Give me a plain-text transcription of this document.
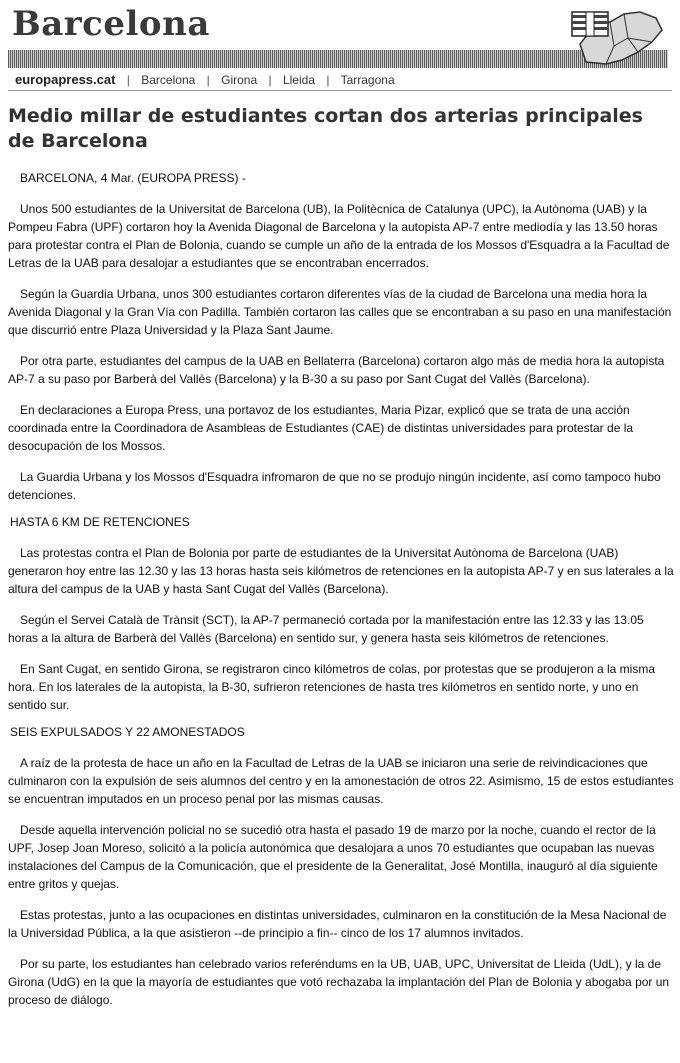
Barcelona
europapress.cat | Barcelona | Girona | Lleida | Tarragona
Medio millar de estudiantes cortan dos arterias principales de Barcelona

BARCELONA, 4 Mar. (EUROPA PRESS) -

Unos 500 estudiantes de la Universitat de Barcelona (UB), la Politècnica de Catalunya (UPC), la Autònoma (UAB) y la Pompeu Fabra (UPF) cortaron hoy la Avenida Diagonal de Barcelona y la autopista AP-7 entre mediodía y las 13.50 horas para protestar contra el Plan de Bolonia, cuando se cumple un año de la entrada de los Mossos d'Esquadra a la Facultad de Letras de la UAB para desalojar a estudiantes que se encontraban encerrados.

Según la Guardia Urbana, unos 300 estudiantes cortaron diferentes vías de la ciudad de Barcelona una media hora la Avenida Diagonal y la Gran Vía con Padilla. También cortaron las calles que se encontraban a su paso en una manifestación que discurrió entre Plaza Universidad y la Plaza Sant Jaume.

Por otra parte, estudiantes del campus de la UAB en Bellaterra (Barcelona) cortaron algo más de media hora la autopista AP-7 a su paso por Barberà del Vallès (Barcelona) y la B-30 a su paso por Sant Cugat del Vallès (Barcelona).

En declaraciones a Europa Press, una portavoz de los estudiantes, Maria Pizar, explicó que se trata de una acción coordinada entre la Coordinadora de Asambleas de Estudiantes (CAE) de distintas universidades para protestar de la desocupación de los Mossos.

La Guardia Urbana y los Mossos d'Esquadra infromaron de que no se produjo ningún incidente, así como tampoco hubo detenciones.

HASTA 6 KM DE RETENCIONES

Las protestas contra el Plan de Bolonia por parte de estudiantes de la Universitat Autònoma de Barcelona (UAB) generaron hoy entre las 12.30 y las 13 horas hasta seis kilómetros de retenciones en la autopista AP-7 y en sus laterales a la altura del campus de la UAB y hasta Sant Cugat del Vallès (Barcelona).

Según el Servei Català de Trànsit (SCT), la AP-7 permaneció cortada por la manifestación entre las 12.33 y las 13.05 horas a la altura de Barberà del Vallès (Barcelona) en sentido sur, y genera hasta seis kilómetros de retenciones.

En Sant Cugat, en sentido Girona, se registraron cinco kilómetros de colas, por protestas que se produjeron a la misma hora. En los laterales de la autopista, la B-30, sufrieron retenciones de hasta tres kilómetros en sentido norte, y uno en sentido sur.

SEIS EXPULSADOS Y 22 AMONESTADOS

A raíz de la protesta de hace un año en la Facultad de Letras de la UAB se iniciaron una serie de reivindicaciones que culminaron con la expulsión de seis alumnos del centro y en la amonestación de otros 22. Asimismo, 15 de estos estudiantes se encuentran imputados en un proceso penal por las mismas causas.

Desde aquella intervención policial no se sucedió otra hasta el pasado 19 de marzo por la noche, cuando el rector de la UPF, Josep Joan Moreso, solicitó a la policía autonómica que desalojara a unos 70 estudiantes que ocupaban las nuevas instalaciones del Campus de la Comunicación, que el presidente de la Generalitat, José Montilla, inauguró al día siguiente entre gritos y quejas.

Estas protestas, junto a las ocupaciones en distintas universidades, culminaron en la constitución de la Mesa Nacional de la Universidad Pública, a la que asistieron --de principio a fin-- cinco de los 17 alumnos invitados.

Por su parte, los estudiantes han celebrado varios referéndums en la UB, UAB, UPC, Universitat de Lleida (UdL), y la de Girona (UdG) en la que la mayoría de estudiantes que votó rechazaba la implantación del Plan de Bolonia y abogaba por un proceso de diálogo.
